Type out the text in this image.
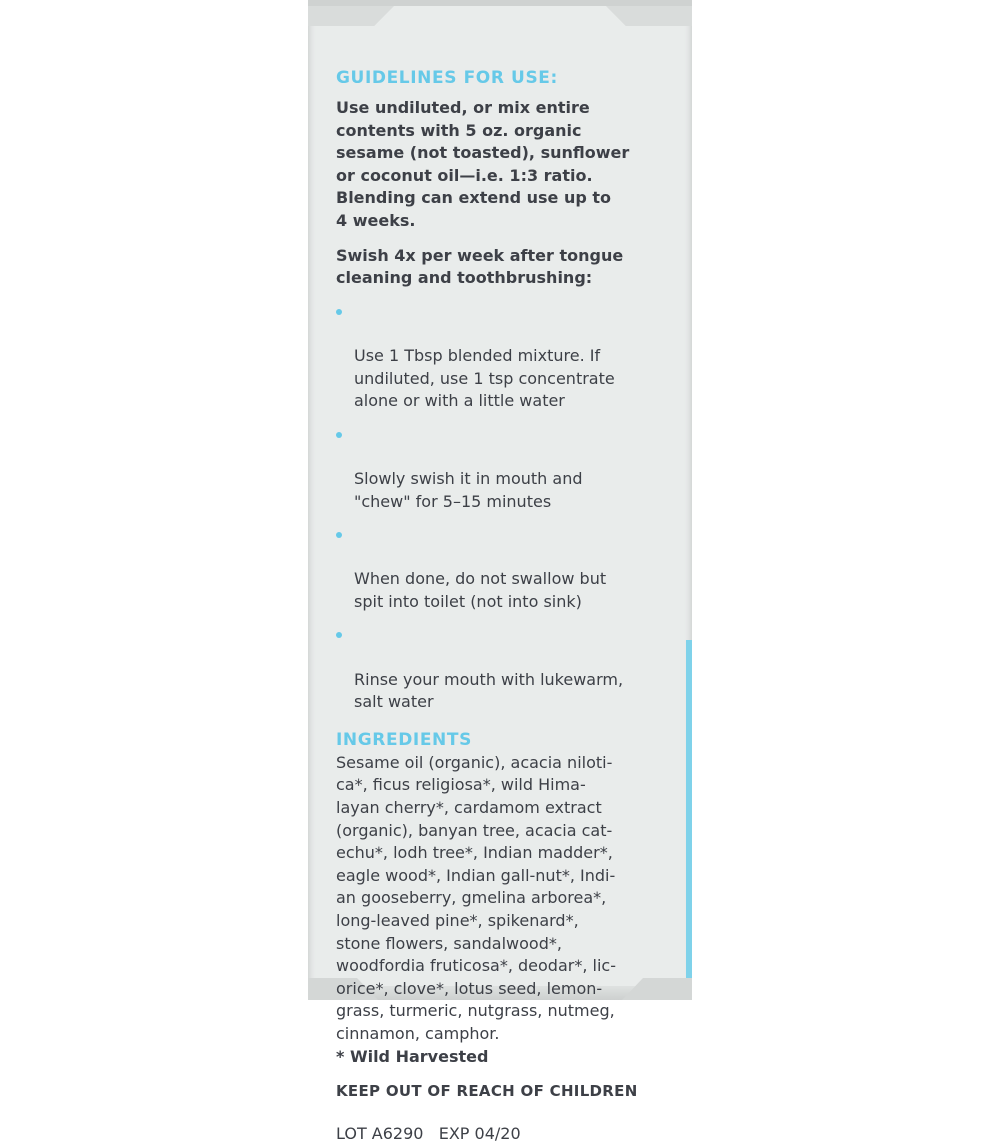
GUIDELINES FOR USE:

Use undiluted, or mix entire
contents with 5 oz. organic
sesame (not toasted), sunflower
or coconut oil—i.e. 1:3 ratio.
Blending can extend use up to
4 weeks.

Swish 4x per week after tongue
cleaning and toothbrushing:

Use 1 Tbsp blended mixture. If
undiluted, use 1 tsp concentrate
alone or with a little water

Slowly swish it in mouth and
"chew" for 5–15 minutes

When done, do not swallow but
spit into toilet (not into sink)

Rinse your mouth with lukewarm,
salt water

INGREDIENTS

Sesame oil (organic), acacia niloti-
ca*, ficus religiosa*, wild Hima-
layan cherry*, cardamom extract
(organic), banyan tree, acacia cat-
echu*, lodh tree*, Indian madder*,
eagle wood*, Indian gall-nut*, Indi-
an gooseberry, gmelina arborea*,
long-leaved pine*, spikenard*,
stone flowers, sandalwood*,
woodfordia fruticosa*, deodar*, lic-
orice*, clove*, lotus seed, lemon-
grass, turmeric, nutgrass, nutmeg,
cinnamon, camphor.

* Wild Harvested

KEEP OUT OF REACH OF CHILDREN

LOT A6290 EXP 04/20
